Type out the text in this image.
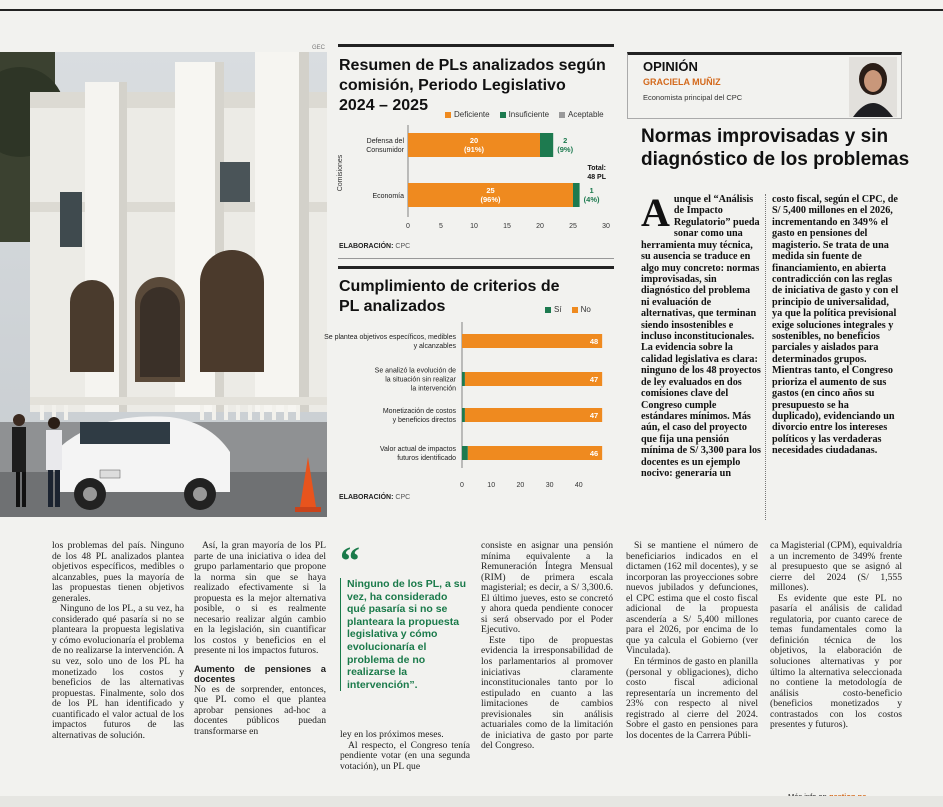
GEC
Resumen de PLs analizados según
comisión, Periodo Legislativo
2024 – 2025
Deficiente	Insuficiente	Aceptable
Comisiones
Defensa del
Consumidor
20
(91%)
2
(9%)
Economía
25
(96%)
1
(4%)
Total:
48 PL
0	5	10	15	20	25	30
ELABORACIÓN: CPC
Cumplimiento de criterios de
PL analizados	Sí	No
Se plantea objetivos específicos, medibles
y alcanzables
48
Se analizó la evolución de
la situación sin realizar
la intervención
47
Monetización de costos
y beneficios directos
47
Valor actual de impactos
futuros identificado
46
0	10	20	30	40
ELABORACIÓN: CPC
OPINIÓN
GRACIELA MUÑIZ
Economista principal del CPC
Normas improvisadas y sin
diagnóstico de los problemas
Aunque el “Análisis de Impacto Regulatorio” pueda sonar como una herramienta muy técnica, su ausencia se traduce en algo muy concreto: normas improvisadas, sin diagnóstico del problema ni evaluación de alternativas, que terminan siendo insostenibles e incluso inconstitucionales. La evidencia sobre la calidad legislativa es clara: ninguno de los 48 proyectos de ley evaluados en dos comisiones clave del Congreso cumple estándares mínimos. Más aún, el caso del proyecto que fija una pensión mínima de S/ 3,300 para los docentes es un ejemplo nocivo: generaría un
costo fiscal, según el CPC, de S/ 5,400 millones en el 2026, incrementando en 349% el gasto en pensiones del magisterio. Se trata de una medida sin fuente de financiamiento, en abierta contradicción con las reglas de iniciativa de gasto y con el principio de universalidad, ya que la política previsional exige soluciones integrales y sostenibles, no beneficios parciales y aislados para determinados grupos. Mientras tanto, el Congreso prioriza el aumento de sus gastos (en cinco años su presupuesto se ha duplicado), evidenciando un divorcio entre los intereses políticos y las verdaderas necesidades ciudadanas.

los problemas del país. Ninguno de los 48 PL analizados plantea objetivos específicos, medibles o alcanzables, pues la mayoría de las propuestas tienen objetivos generales.

Ninguno de los PL, a su vez, ha considerado qué pasaría si no se planteara la propuesta legislativa y cómo evolucionaría el problema de no realizarse la intervención. A su vez, solo uno de los PL ha monetizado los costos y beneficios de las alternativas propuestas. Finalmente, solo dos de los PL han identificado y cuantificado el valor actual de los impactos futuros de las alternativas de solución.

Así, la gran mayoría de los PL parte de una iniciativa o idea del grupo parlamentario que propone la norma sin que se haya realizado efectivamente si la propuesta es la mejor alternativa posible, o si es realmente necesario realizar algún cambio en la legislación, sin cuantificar los costos y beneficios en el presente ni los impactos futuros.

Aumento de pensiones a docentes

No es de sorprender, entonces, que PL como el que plantea aprobar pensiones ad-hoc a docentes públicos puedan transformarse en

“
Ninguno de los PL, a su vez, ha considerado qué pasaría si no se planteara la propuesta legislativa y cómo evolucionaría el problema de no realizarse la intervención”.

ley en los próximos meses.

Al respecto, el Congreso tenía pendiente votar (en una segunda votación), un PL que

consiste en asignar una pensión mínima equivalente a la Remuneración Íntegra Mensual (RIM) de primera escala magisterial; es decir, a S/ 3,300.6. El último jueves, esto se concretó y ahora queda pendiente conocer si será observado por el Poder Ejecutivo.

Este tipo de propuestas evidencia la irresponsabilidad de los parlamentarios al promover iniciativas claramente inconstitucionales tanto por lo estipulado en cuanto a las limitaciones de cambios previsionales sin análisis actuariales como de la limitación de iniciativa de gasto por parte del Congreso.

Si se mantiene el número de beneficiarios indicados en el dictamen (162 mil docentes), y se incorporan las proyecciones sobre nuevos jubilados y defunciones, el CPC estima que el costo fiscal adicional de la propuesta ascendería a S/ 5,400 millones para el 2026, por encima de lo que ya calcula el Gobierno (ver Vinculada).

En términos de gasto en planilla (personal y obligaciones), dicho costo fiscal adicional representaría un incremento del 23% con respecto al nivel registrado al cierre del 2024. Sobre el gasto en pensiones para los docentes de la Carrera Públi-

ca Magisterial (CPM), equivaldría a un incremento de 349% frente al presupuesto que se asignó al cierre del 2024 (S/ 1,555 millones).

Es evidente que este PL no pasaría el análisis de calidad regulatoria, por cuanto carece de temas fundamentales como la definición técnica de los objetivos, la elaboración de soluciones alternativas y por último la alternativa seleccionada no contiene la metodología de análisis costo-beneficio (beneficios monetizados y contrastados con los costos presentes y futuros).
